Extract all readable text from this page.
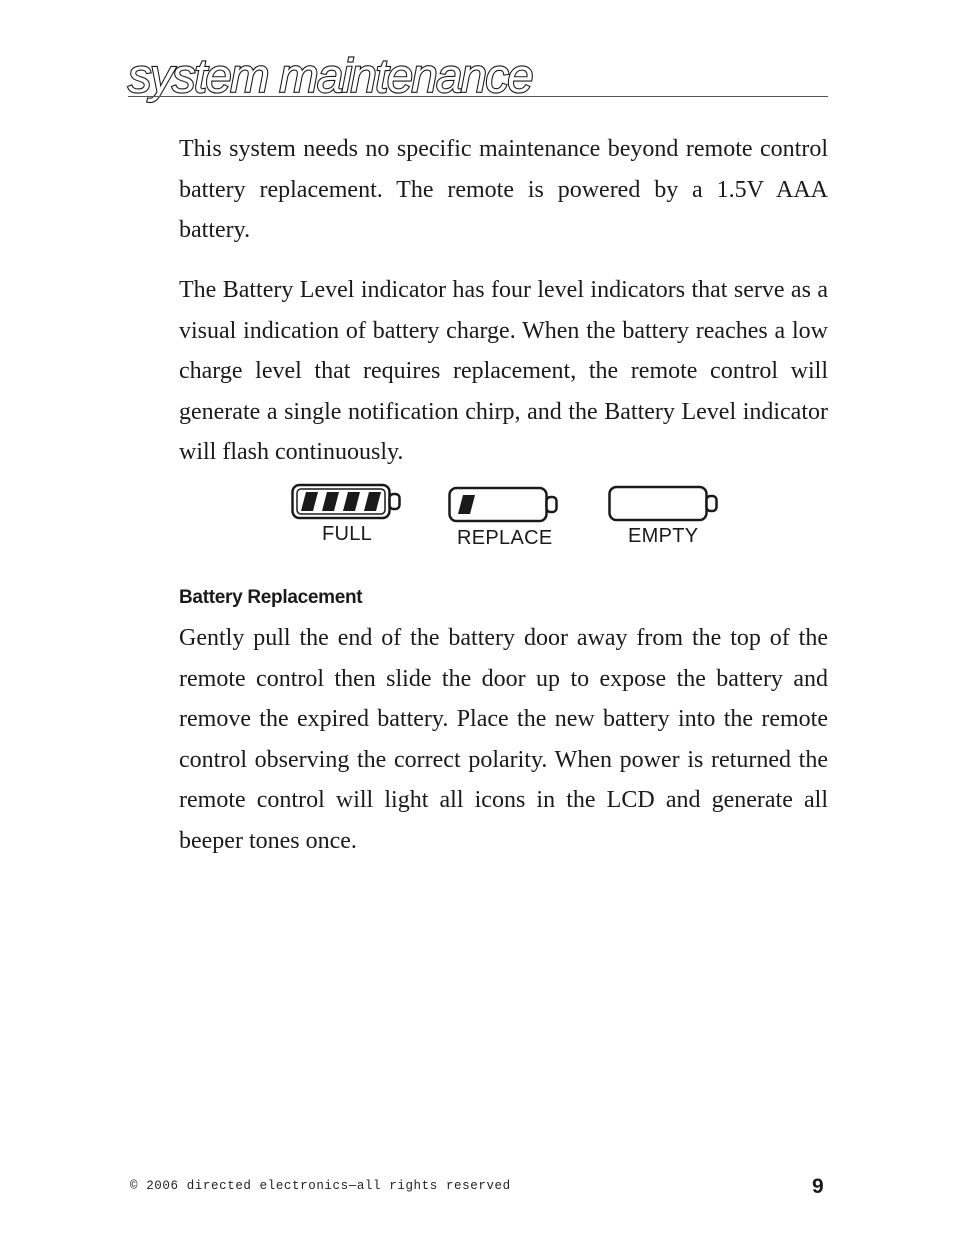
system maintenance

This system needs no specific maintenance beyond remote control battery replacement. The remote is powered by a 1.5V AAA battery.

The Battery Level indicator has four level indicators that serve as a visual indication of battery charge. When the battery reaches a low charge level that requires replacement, the remote control will generate a single notification chirp, and the Battery Level indicator will flash continuously.

FULL	REPLACE	EMPTY
Battery Replacement

Gently pull the end of the battery door away from the top of the remote control then slide the door up to expose the battery and remove the expired battery. Place the new battery into the remote control observing the correct polarity. When power is returned the remote control will light all icons in the LCD and generate all beeper tones once.

© 2006 directed electronics—all rights reserved	9
